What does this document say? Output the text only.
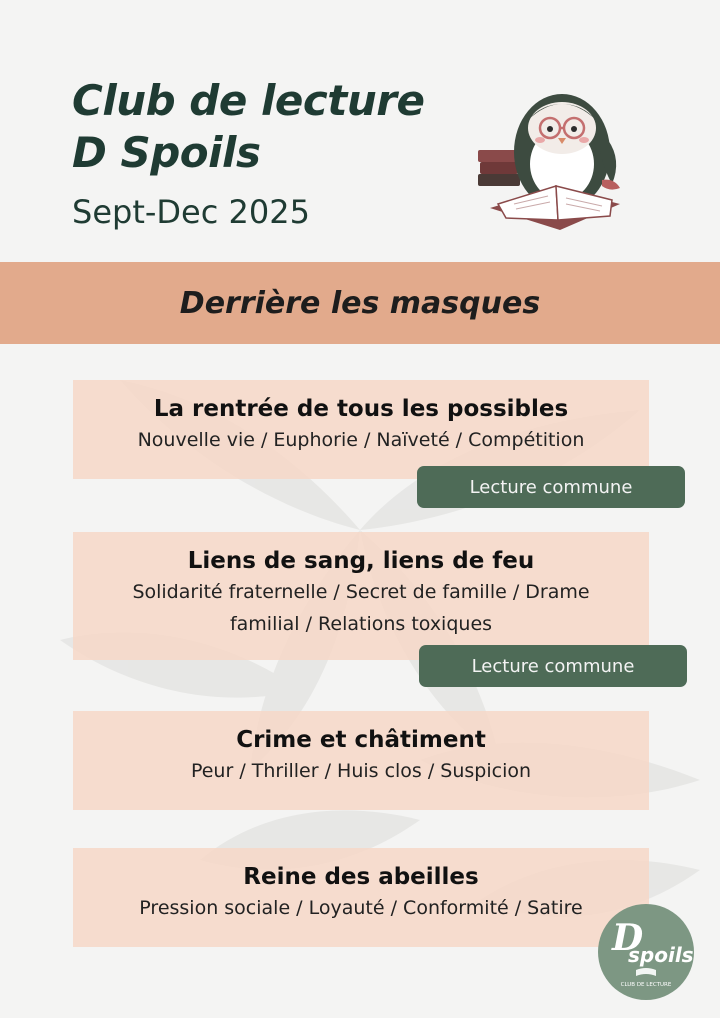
Club de lecture
D Spoils
Sept-Dec 2025
Derrière les masques
La rentrée de tous les possibles
Nouvelle vie / Euphorie / Naïveté / Compétition
Lecture commune
Liens de sang, liens de feu
Solidarité fraternelle / Secret de famille / Drame familial / Relations toxiques
Lecture commune
Crime et châtiment
Peur / Thriller / Huis clos / Suspicion
Reine des abeilles
Pression sociale / Loyauté / Conformité / Satire
D
spoils
CLUB DE LECTURE
